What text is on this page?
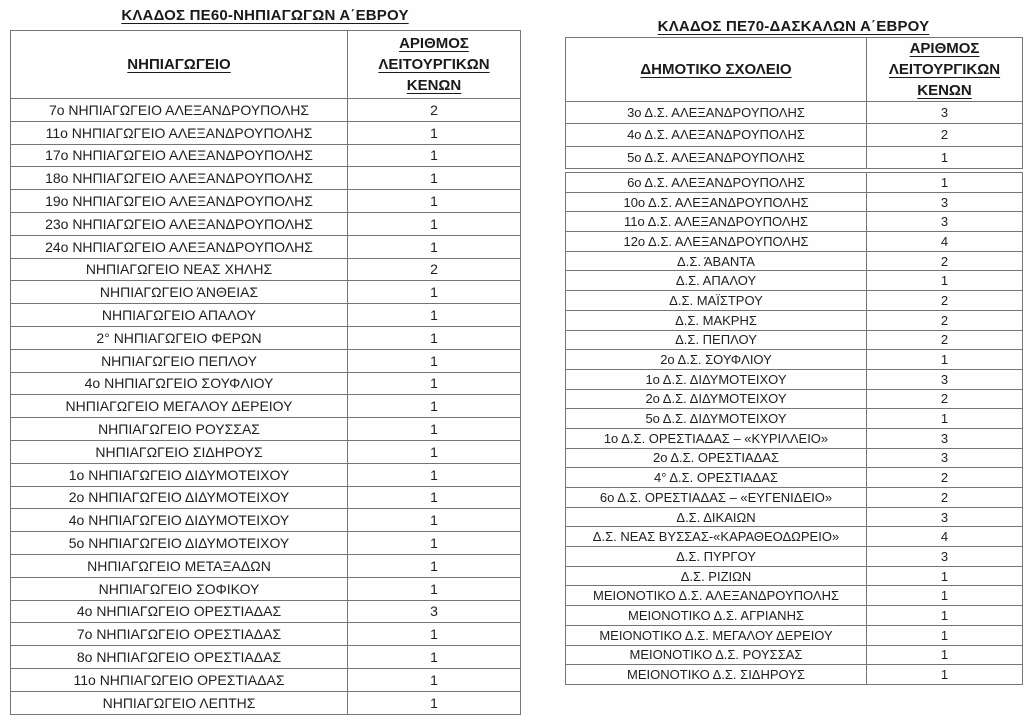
ΚΛΑΔΟΣ ΠΕ60-ΝΗΠΙΑΓΩΓΩΝ Α΄ΕΒΡΟΥ
ΝΗΠΙΑΓΩΓΕΙΟ	ΑΡΙΘΜΟΣ
ΛΕΙΤΟΥΡΓΙΚΩΝ
ΚΕΝΩΝ

7ο ΝΗΠΙΑΓΩΓΕΙΟ ΑΛΕΞΑΝΔΡΟΥΠΟΛΗΣ	2
11ο ΝΗΠΙΑΓΩΓΕΙΟ ΑΛΕΞΑΝΔΡΟΥΠΟΛΗΣ	1
17ο ΝΗΠΙΑΓΩΓΕΙΟ ΑΛΕΞΑΝΔΡΟΥΠΟΛΗΣ	1
18ο ΝΗΠΙΑΓΩΓΕΙΟ ΑΛΕΞΑΝΔΡΟΥΠΟΛΗΣ	1
19ο ΝΗΠΙΑΓΩΓΕΙΟ ΑΛΕΞΑΝΔΡΟΥΠΟΛΗΣ	1
23ο ΝΗΠΙΑΓΩΓΕΙΟ ΑΛΕΞΑΝΔΡΟΥΠΟΛΗΣ	1
24ο ΝΗΠΙΑΓΩΓΕΙΟ ΑΛΕΞΑΝΔΡΟΥΠΟΛΗΣ	1
ΝΗΠΙΑΓΩΓΕΙΟ ΝΕΑΣ ΧΗΛΗΣ	2
ΝΗΠΙΑΓΩΓΕΙΟ ΆΝΘΕΙΑΣ	1
ΝΗΠΙΑΓΩΓΕΙΟ ΑΠΑΛΟΥ	1
2° ΝΗΠΙΑΓΩΓΕΙΟ ΦΕΡΩΝ	1
ΝΗΠΙΑΓΩΓΕΙΟ ΠΕΠΛΟΥ	1
4ο ΝΗΠΙΑΓΩΓΕΙΟ ΣΟΥΦΛΙΟΥ	1
ΝΗΠΙΑΓΩΓΕΙΟ ΜΕΓΑΛΟΥ ΔΕΡΕΙΟΥ	1
ΝΗΠΙΑΓΩΓΕΙΟ ΡΟΥΣΣΑΣ	1
ΝΗΠΙΑΓΩΓΕΙΟ ΣΙΔΗΡΟΥΣ	1
1ο ΝΗΠΙΑΓΩΓΕΙΟ ΔΙΔΥΜΟΤΕΙΧΟΥ	1
2ο ΝΗΠΙΑΓΩΓΕΙΟ ΔΙΔΥΜΟΤΕΙΧΟΥ	1
4ο ΝΗΠΙΑΓΩΓΕΙΟ ΔΙΔΥΜΟΤΕΙΧΟΥ	1
5ο ΝΗΠΙΑΓΩΓΕΙΟ ΔΙΔΥΜΟΤΕΙΧΟΥ	1
ΝΗΠΙΑΓΩΓΕΙΟ ΜΕΤΑΞΑΔΩΝ	1
ΝΗΠΙΑΓΩΓΕΙΟ ΣΟΦΙΚΟΥ	1
4ο ΝΗΠΙΑΓΩΓΕΙΟ ΟΡΕΣΤΙΑΔΑΣ	3
7ο ΝΗΠΙΑΓΩΓΕΙΟ ΟΡΕΣΤΙΑΔΑΣ	1
8ο ΝΗΠΙΑΓΩΓΕΙΟ ΟΡΕΣΤΙΑΔΑΣ	1
11ο ΝΗΠΙΑΓΩΓΕΙΟ ΟΡΕΣΤΙΑΔΑΣ	1
ΝΗΠΙΑΓΩΓΕΙΟ ΛΕΠΤΗΣ	1
ΚΛΑΔΟΣ ΠΕ70-ΔΑΣΚΑΛΩΝ Α΄ΕΒΡΟΥ
ΔΗΜΟΤΙΚΟ ΣΧΟΛΕΙΟ	ΑΡΙΘΜΟΣ
ΛΕΙΤΟΥΡΓΙΚΩΝ
ΚΕΝΩΝ

3ο Δ.Σ. ΑΛΕΞΑΝΔΡΟΥΠΟΛΗΣ	3
4ο Δ.Σ. ΑΛΕΞΑΝΔΡΟΥΠΟΛΗΣ	2
5ο Δ.Σ. ΑΛΕΞΑΝΔΡΟΥΠΟΛΗΣ	1
6ο Δ.Σ. ΑΛΕΞΑΝΔΡΟΥΠΟΛΗΣ	1
10ο Δ.Σ. ΑΛΕΞΑΝΔΡΟΥΠΟΛΗΣ	3
11ο Δ.Σ. ΑΛΕΞΑΝΔΡΟΥΠΟΛΗΣ	3
12ο Δ.Σ. ΑΛΕΞΑΝΔΡΟΥΠΟΛΗΣ	4
Δ.Σ. ΆΒΑΝΤΑ	2
Δ.Σ. ΑΠΑΛΟΥ	1
Δ.Σ. ΜΑΪΣΤΡΟΥ	2
Δ.Σ. ΜΑΚΡΗΣ	2
Δ.Σ. ΠΕΠΛΟΥ	2
2ο Δ.Σ. ΣΟΥΦΛΙΟΥ	1
1ο Δ.Σ. ΔΙΔΥΜΟΤΕΙΧΟΥ	3
2ο Δ.Σ. ΔΙΔΥΜΟΤΕΙΧΟΥ	2
5ο Δ.Σ. ΔΙΔΥΜΟΤΕΙΧΟΥ	1
1ο Δ.Σ. ΟΡΕΣΤΙΑΔΑΣ – «ΚΥΡΙΛΛΕΙΟ»	3
2ο Δ.Σ. ΟΡΕΣΤΙΑΔΑΣ	3
4° Δ.Σ. ΟΡΕΣΤΙΑΔΑΣ	2
6ο Δ.Σ. ΟΡΕΣΤΙΑΔΑΣ – «ΕΥΓΕΝΙΔΕΙΟ»	2
Δ.Σ. ΔΙΚΑΙΩΝ	3
Δ.Σ. ΝΕΑΣ ΒΥΣΣΑΣ-«ΚΑΡΑΘΕΟΔΩΡΕΙΟ»	4
Δ.Σ. ΠΥΡΓΟΥ	3
Δ.Σ. ΡΙΖΙΩΝ	1
ΜΕΙΟΝΟΤΙΚΟ Δ.Σ. ΑΛΕΞΑΝΔΡΟΥΠΟΛΗΣ	1
ΜΕΙΟΝΟΤΙΚΟ Δ.Σ. ΑΓΡΙΑΝΗΣ	1
ΜΕΙΟΝΟΤΙΚΟ Δ.Σ. ΜΕΓΑΛΟΥ ΔΕΡΕΙΟΥ	1
ΜΕΙΟΝΟΤΙΚΟ Δ.Σ. ΡΟΥΣΣΑΣ	1
ΜΕΙΟΝΟΤΙΚΟ Δ.Σ. ΣΙΔΗΡΟΥΣ	1
